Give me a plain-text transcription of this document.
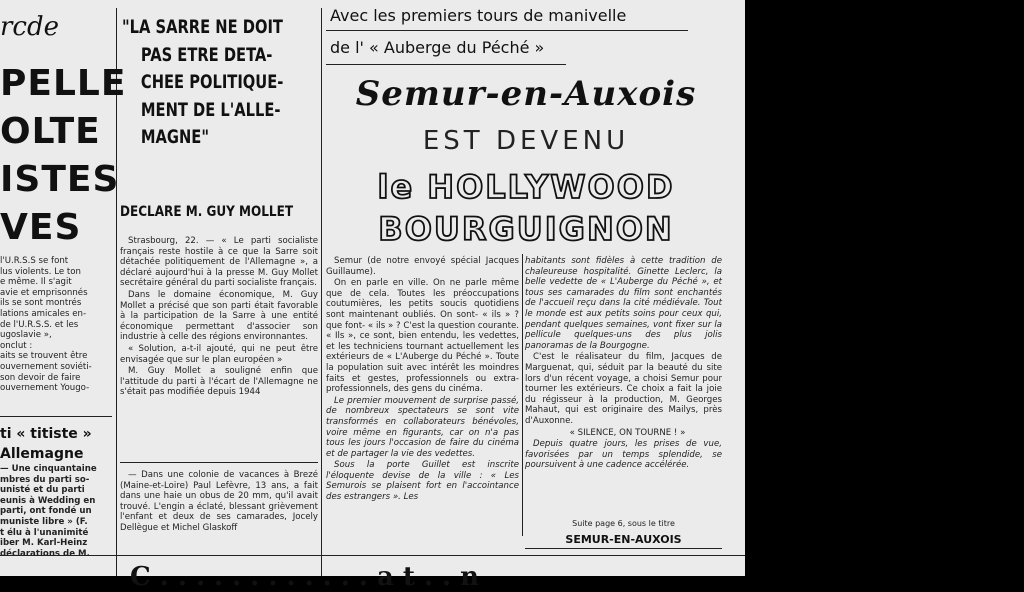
rcde
PELLE
OLTE
ISTES
VES
l'U.R.S.S se font
lus violents. Le ton
e même. Il s'agit
avie et emprisonnés
ils se sont montrés
lations amicales en-
de l'U.R.S.S. et les
ugoslavie »,
onclut :
aits se trouvent être
ouvernement soviéti-
son devoir de faire
ouvernement Yougo-
ti « titiste »
Allemagne
— Une cinquantaine
mbres du parti so-
unisté et du parti
eunis à Wedding en
parti, ont fondé un
muniste libre » (F.
t élu à l'unanimité
iber M. Karl-Heinz
déclarations de M.
"LA SARRE NE DOIT
PAS ETRE DETA-
CHEE POLITIQUE-
MENT DE L'ALLE-
MAGNE"
DECLARE M. GUY MOLLET

Strasbourg, 22. — « Le parti socialiste français reste hostile à ce que la Sarre soit détachée politiquement de l'Allemagne », a déclaré aujourd'hui à la presse M. Guy Mollet secrétaire général du parti socialiste français.

Dans le domaine économique, M. Guy Mollet a précisé que son parti était favorable à la participation de la Sarre à une entité économique permettant d'associer son industrie à celle des régions environnantes.

« Solution, a-t-il ajouté, qui ne peut être envisagée que sur le plan européen »

M. Guy Mollet a souligné enfin que l'attitude du parti à l'écart de l'Allemagne ne s'était pas modifiée depuis 1944

— Dans une colonie de vacances à Brezé (Maine-et-Loire) Paul Lefèvre, 13 ans, a fait dans une haie un obus de 20 mm, qu'il avait trouvé. L'engin a éclaté, blessant grièvement l'enfant et deux de ses camarades, Jocely Dellègue et Michel Glaskoff

Avec les premiers tours de manivelle
de l' « Auberge du Péché »
Semur-en-Auxois
EST DEVENU
le HOLLYWOOD
BOURGUIGNON

Semur (de notre envoyé spécial Jacques Guillaume).

On en parle en ville. On ne parle même que de cela. Toutes les préoccupations coutumières, les petits soucis quotidiens sont maintenant oubliés. On sont- « ils » ? que font- « ils » ? C'est la question courante. « Ils », ce sont, bien entendu, les vedettes, et les techniciens tournant actuellement les extérieurs de « L'Auberge du Péché ». Toute la population suit avec intérêt les moindres faits et gestes, professionnels ou extra-professionnels, des gens du cinéma.

Le premier mouvement de surprise passé, de nombreux spectateurs se sont vite transformés en collaborateurs bénévoles, voire même en figurants, car on n'a pas tous les jours l'occasion de faire du cinéma et de partager la vie des vedettes.

Sous la porte Guillet est inscrite l'éloquente devise de la ville : « Les Semurois se plaisent fort en l'accointance des estrangers ». Les

habitants sont fidèles à cette tradition de chaleureuse hospitalité. Ginette Leclerc, la belle vedette de « L'Auberge du Péché », et tous ses camarades du film sont enchantés de l'accueil reçu dans la cité médiévale. Tout le monde est aux petits soins pour ceux qui, pendant quelques semaines, vont fixer sur la pellicule quelques-uns des plus jolis panoramas de la Bourgogne.

C'est le réalisateur du film, Jacques de Marguenat, qui, séduit par la beauté du site lors d'un récent voyage, a choisi Semur pour tourner les extérieurs. Ce choix a fait la joie du régisseur à la production, M. Georges Mahaut, qui est originaire des Mailys, près d'Auxonne.

« SILENCE, ON TOURNE ! »

Depuis quatre jours, les prises de vue, favorisées par un temps splendide, se poursuivent à une cadence accélérée.

Suite page 6, sous le titre
SEMUR-EN-AUXOIS
C . . . . . . . . . . . . a t . . n
